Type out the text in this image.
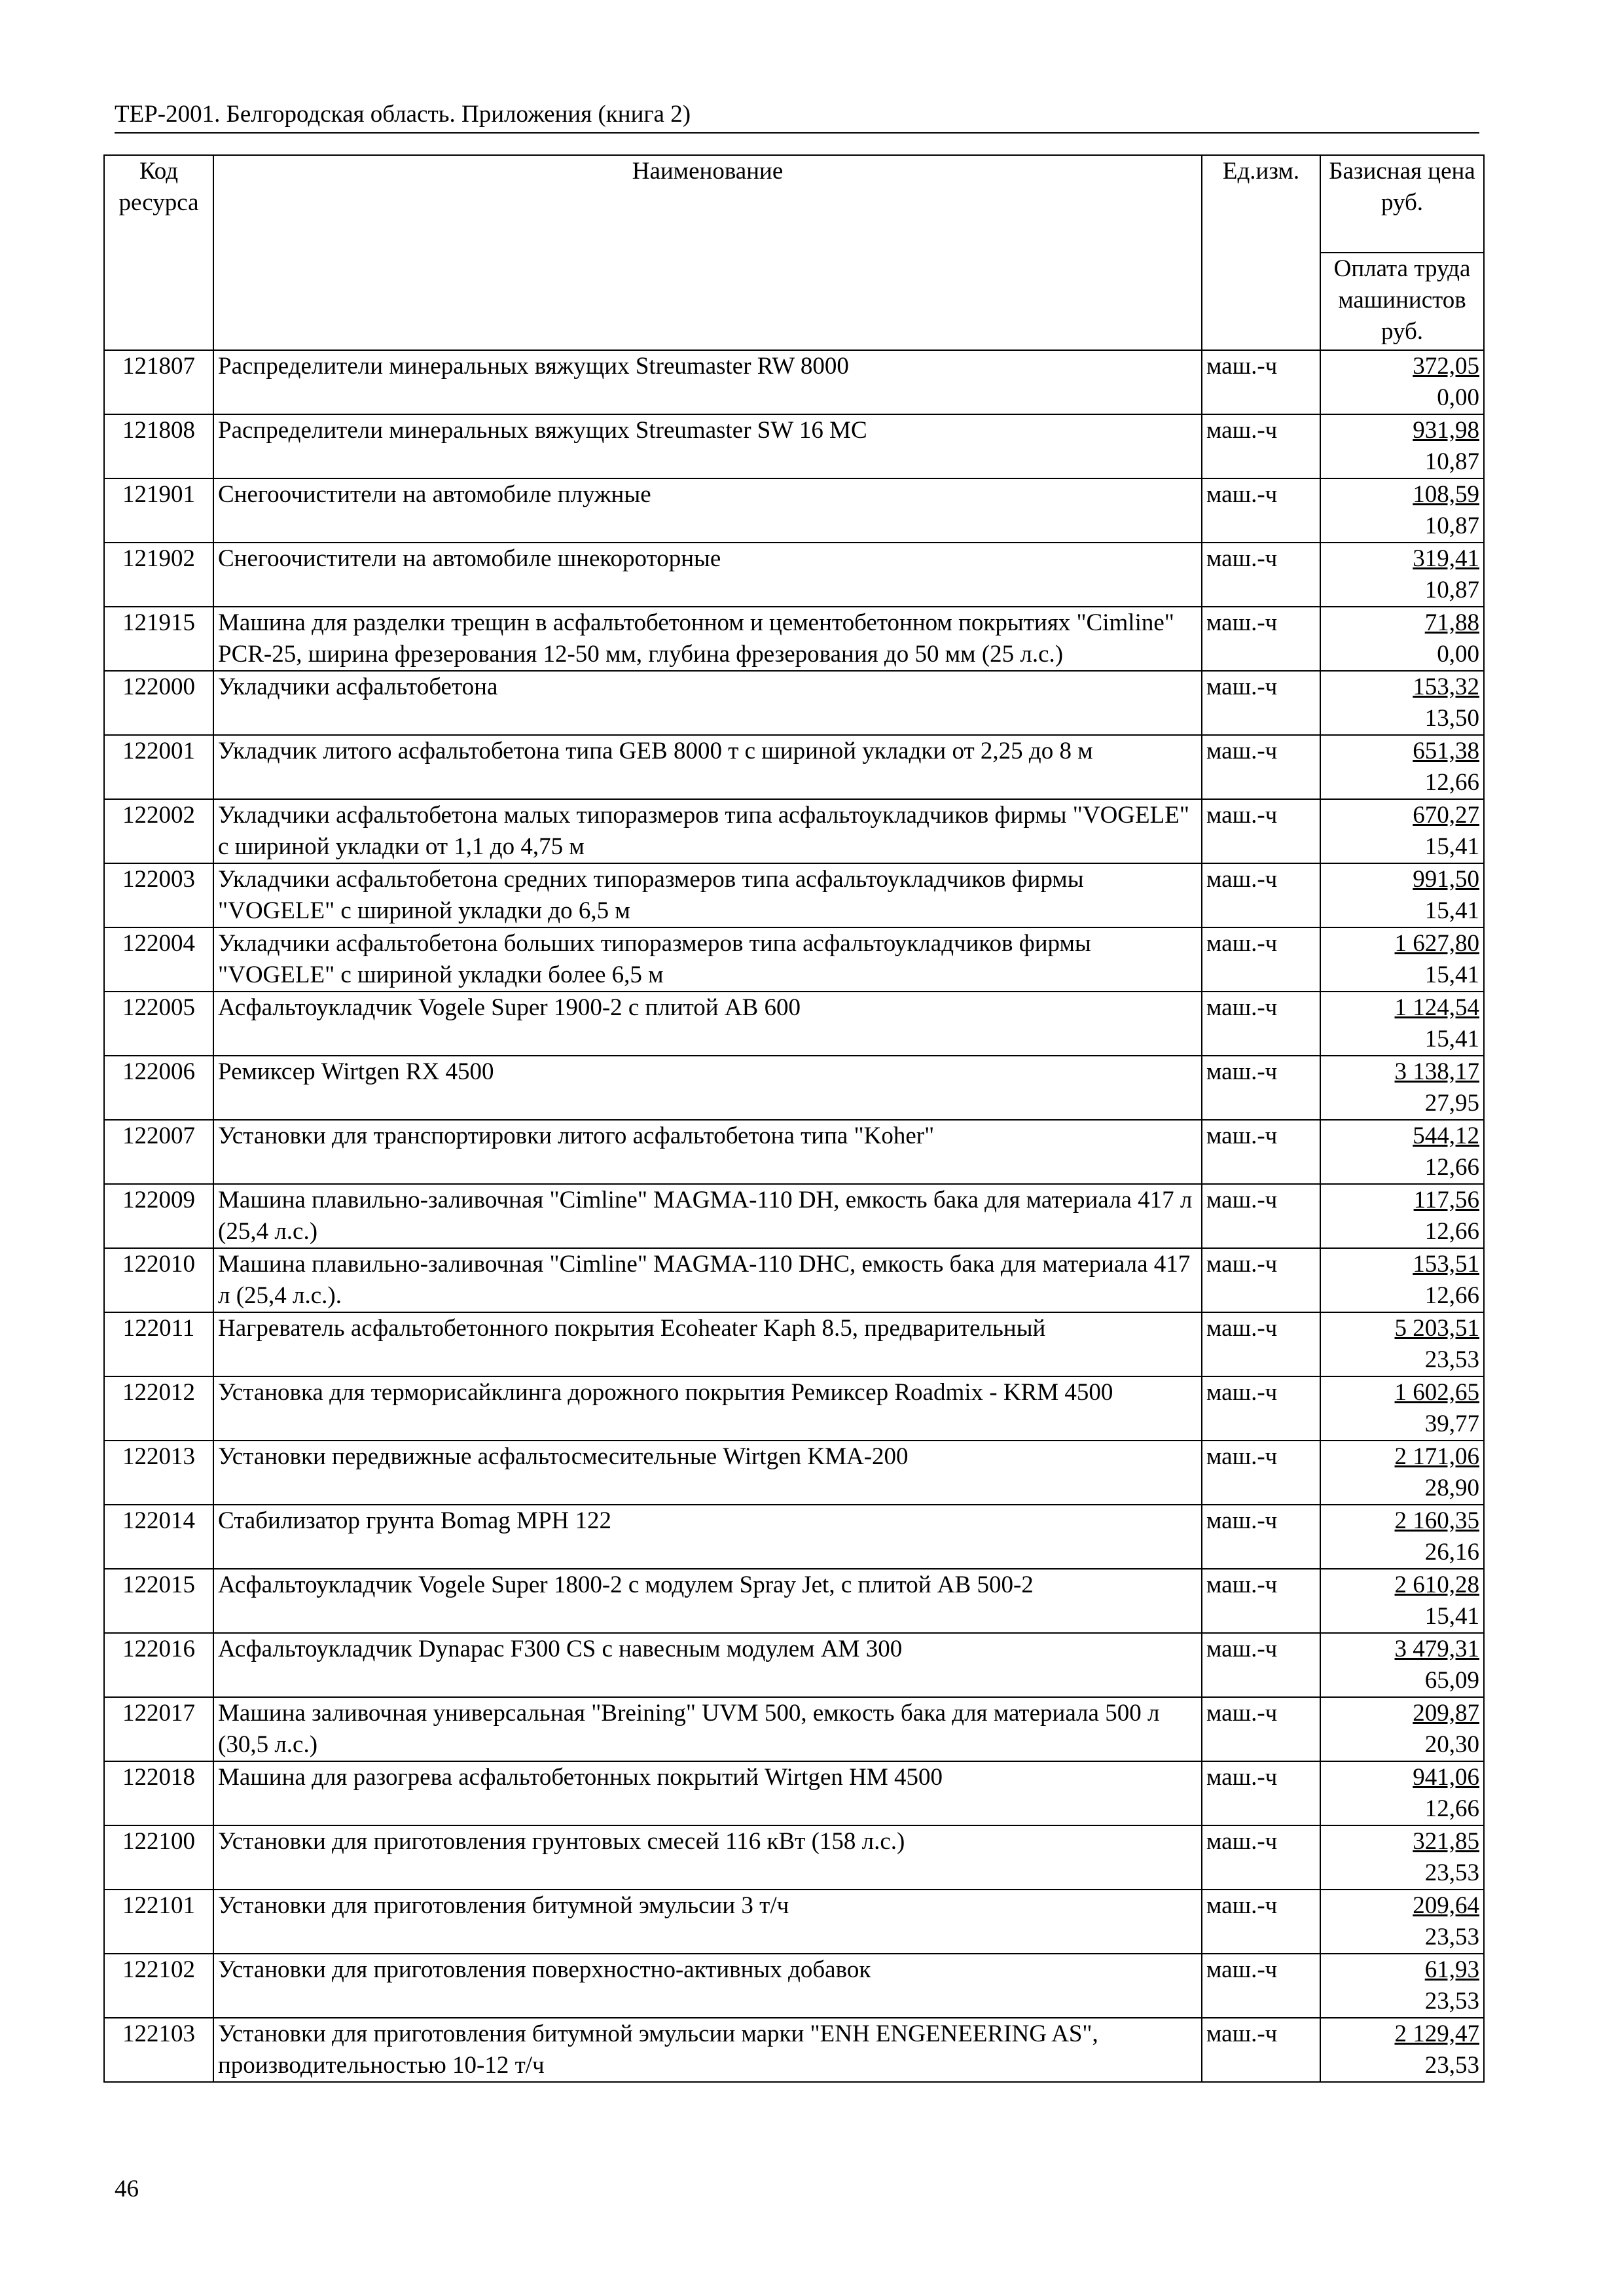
ТЕР-2001. Белгородская область. Приложения (книга 2)
Код ресурса	Наименование	Ед.изм.	Базисная цена руб.
			Оплата труда машинистов руб.
121807	Распределители минеральных вяжущих Streumaster RW 8000	маш.-ч	372,05
0,00

121808	Распределители минеральных вяжущих Streumaster SW 16 MC	маш.-ч	931,98
10,87

121901	Снегоочистители на автомобиле плужные	маш.-ч	108,59
10,87

121902	Снегоочистители на автомобиле шнекороторные	маш.-ч	319,41
10,87

121915	Машина для разделки трещин в асфальтобетонном и цементобетонном покрытиях "Cimline" PCR-25, ширина фрезерования 12-50 мм, глубина фрезерования до 50 мм (25 л.с.)	маш.-ч	71,88
0,00

122000	Укладчики асфальтобетона	маш.-ч	153,32
13,50

122001	Укладчик литого асфальтобетона типа GEB 8000 т с шириной укладки от 2,25 до 8 м	маш.-ч	651,38
12,66

122002	Укладчики асфальтобетона малых типоразмеров типа асфальтоукладчиков фирмы "VOGELE" с шириной укладки от 1,1 до 4,75 м	маш.-ч	670,27
15,41

122003	Укладчики асфальтобетона средних типоразмеров типа асфальтоукладчиков фирмы "VOGELE" с шириной укладки до 6,5 м	маш.-ч	991,50
15,41

122004	Укладчики асфальтобетона больших типоразмеров типа асфальтоукладчиков фирмы "VOGELE" с шириной укладки более 6,5 м	маш.-ч	1 627,80
15,41

122005	Асфальтоукладчик Vogele Super 1900-2 с плитой AB 600	маш.-ч	1 124,54
15,41

122006	Ремиксер Wirtgen RX 4500	маш.-ч	3 138,17
27,95

122007	Установки для транспортировки литого асфальтобетона типа "Koher"	маш.-ч	544,12
12,66

122009	Машина плавильно-заливочная "Cimline" MAGMA-110 DH, емкость бака для материала 417 л (25,4 л.с.)	маш.-ч	117,56
12,66

122010	Машина плавильно-заливочная "Cimline" MAGMA-110 DHC, емкость бака для материала 417 л (25,4 л.с.).	маш.-ч	153,51
12,66

122011	Нагреватель асфальтобетонного покрытия Ecoheater Kaph 8.5, предварительный	маш.-ч	5 203,51
23,53

122012	Установка для терморисайклинга дорожного покрытия Ремиксер Roadmix - KRM 4500	маш.-ч	1 602,65
39,77

122013	Установки передвижные асфальтосмесительные Wirtgen KMA-200	маш.-ч	2 171,06
28,90

122014	Стабилизатор грунта Bomag MPH 122	маш.-ч	2 160,35
26,16

122015	Асфальтоукладчик Vogele Super 1800-2 с модулем Spray Jet, с плитой AB 500-2	маш.-ч	2 610,28
15,41

122016	Асфальтоукладчик Dynapac F300 CS с навесным модулем AM 300	маш.-ч	3 479,31
65,09

122017	Машина заливочная универсальная "Breining" UVM 500, емкость бака для материала 500 л (30,5 л.с.)	маш.-ч	209,87
20,30

122018	Машина для разогрева асфальтобетонных покрытий Wirtgen HM 4500	маш.-ч	941,06
12,66

122100	Установки для приготовления грунтовых смесей 116 кВт (158 л.с.)	маш.-ч	321,85
23,53

122101	Установки для приготовления битумной эмульсии 3 т/ч	маш.-ч	209,64
23,53

122102	Установки для приготовления поверхностно-активных добавок	маш.-ч	61,93
23,53

122103	Установки для приготовления битумной эмульсии марки "ENH ENGENEERING AS", производительностью 10-12 т/ч	маш.-ч	2 129,47
23,53
46
